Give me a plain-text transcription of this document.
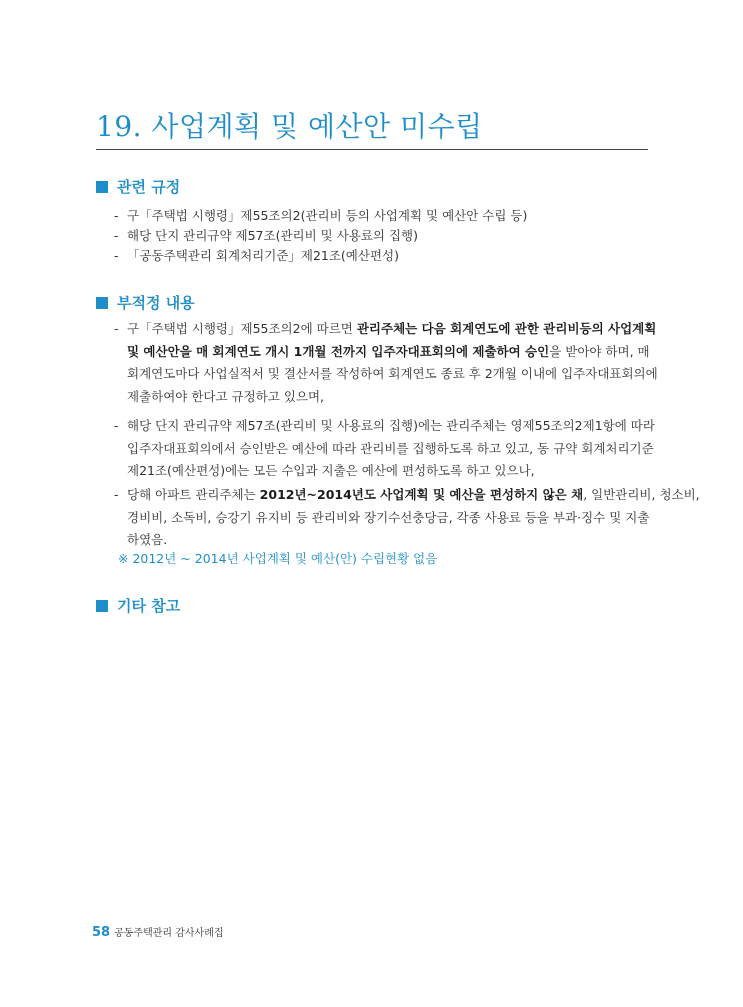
19. 사업계획 및 예산안 미수립
관련 규정
- 구「주택법 시행령」제55조의2(관리비 등의 사업계획 및 예산안 수립 등)
- 해당 단지 관리규약 제57조(관리비 및 사용료의 집행)
- 「공동주택관리 회계처리기준」제21조(예산편성)
부적정 내용
- 구「주택법 시행령」제55조의2에 따르면 관리주체는 다음 회계연도에 관한 관리비등의 사업계획
및 예산안을 매 회계연도 개시 1개월 전까지 입주자대표회의에 제출하여 승인을 받아야 하며, 매
회계연도마다 사업실적서 및 결산서를 작성하여 회계연도 종료 후 2개월 이내에 입주자대표회의에
제출하여야 한다고 규정하고 있으며,
- 해당 단지 관리규약 제57조(관리비 및 사용료의 집행)에는 관리주체는 영제55조의2제1항에 따라
입주자대표회의에서 승인받은 예산에 따라 관리비를 집행하도록 하고 있고, 동 규약 회계처리기준
제21조(예산편성)에는 모든 수입과 지출은 예산에 편성하도록 하고 있으나,
- 당해 아파트 관리주체는 2012년~2014년도 사업계획 및 예산을 편성하지 않은 채, 일반관리비, 청소비,
경비비, 소독비, 승강기 유지비 등 관리비와 장기수선충당금, 각종 사용료 등을 부과·징수 및 지출
하였음.
※ 2012년 ~ 2014년 사업계획 및 예산(안) 수립현황 없음
기타 참고
58 공동주택관리 감사사례집
